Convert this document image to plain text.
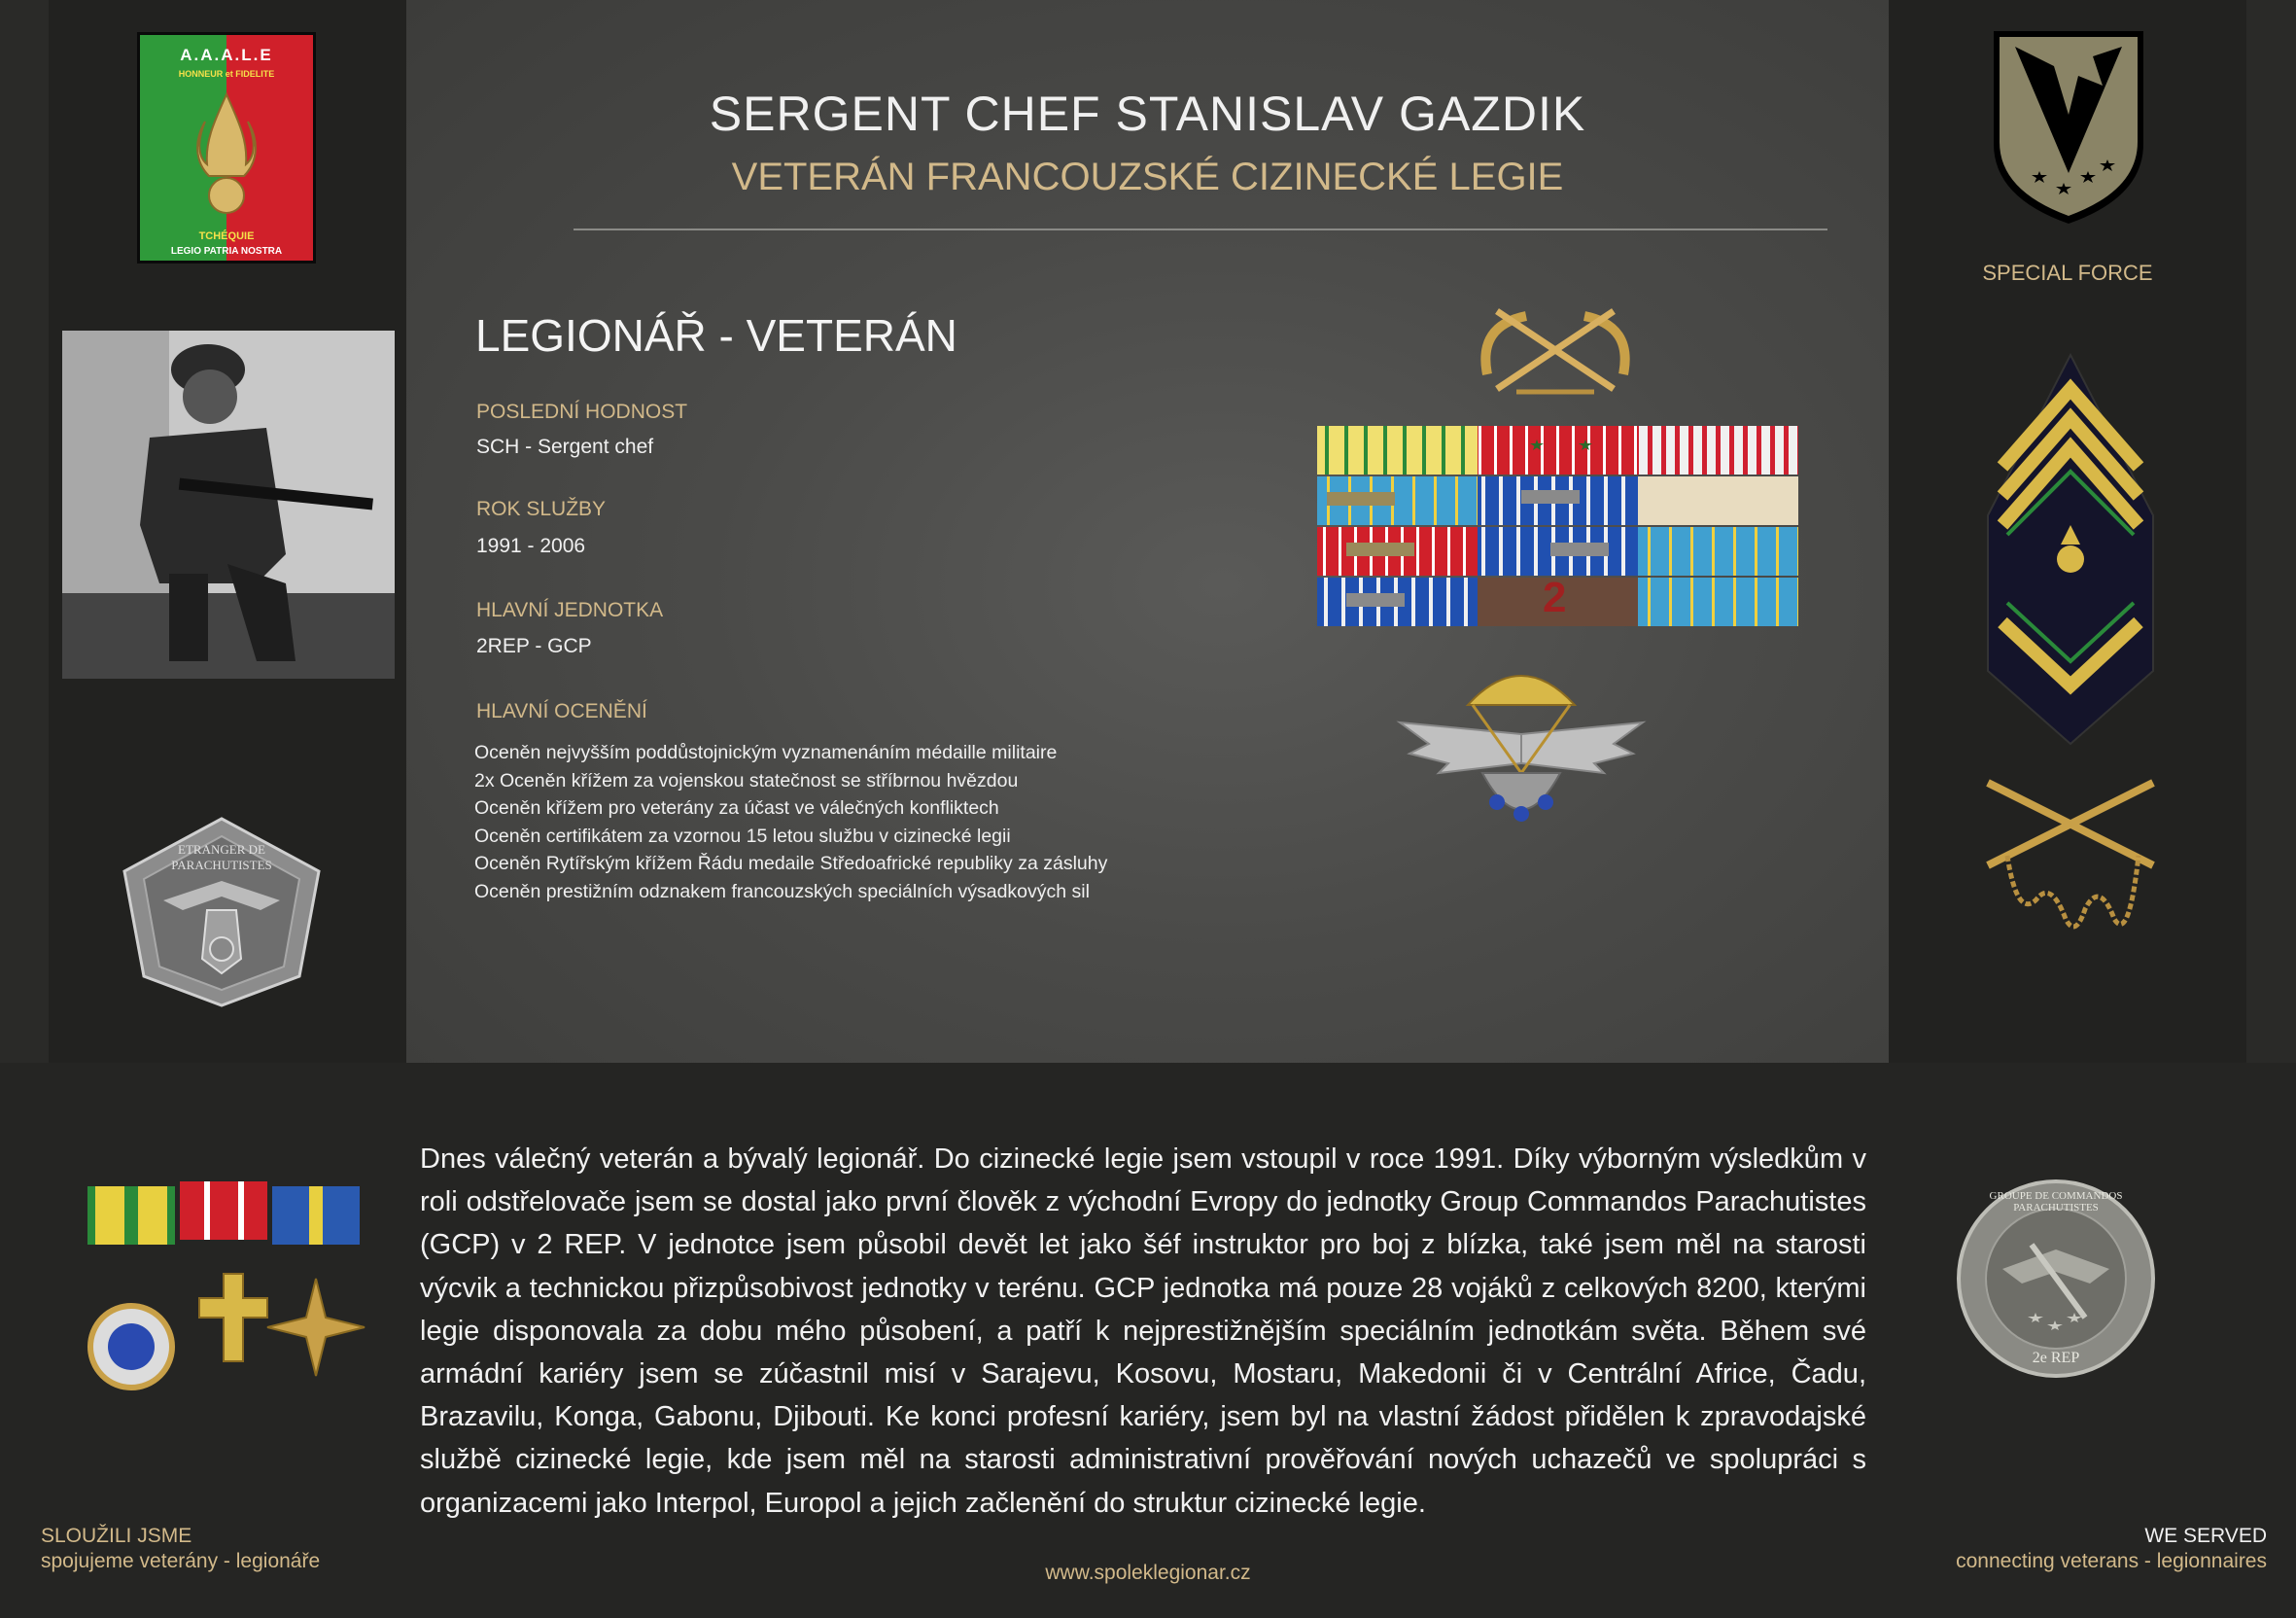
A.A.A.L.E
HONNEUR et FIDELITE
TCHÉQUIE
LEGIO PATRIA NOSTRA
ETRANGER DE PARACHUTISTES
SERGENT CHEF STANISLAV GAZDIK
VETERÁN FRANCOUZSKÉ CIZINECKÉ LEGIE
LEGIONÁŘ - VETERÁN
POSLEDNÍ HODNOST
SCH - Sergent chef
ROK SLUŽBY
1991 - 2006
HLAVNÍ JEDNOTKA
2REP - GCP
HLAVNÍ OCENĚNÍ
Oceněn nejvyšším poddůstojnickým vyznamenáním médaille militaire
2x Oceněn křížem za vojenskou statečnost se stříbrnou hvězdou
Oceněn křížem pro veterány za účast ve válečných konfliktech
Oceněn certifikátem za vzornou 15 letou službu v cizinecké legii
Oceněn Rytířským křížem Řádu medaile Středoafrické republiky za zásluhy
Oceněn prestižním odznakem francouzských speciálních výsadkových sil
2
SPECIAL FORCE
Dnes válečný veterán a bývalý legionář. Do cizinecké legie jsem vstoupil v roce 1991. Díky výborným výsledkům v roli odstřelovače jsem se dostal jako první člověk z východní Evropy do jednotky Group Commandos Parachutistes (GCP) v 2 REP. V jednotce jsem působil devět let jako šéf instruktor pro boj z blízka, také jsem měl na starosti výcvik a technickou přizpůsobivost jednotky v terénu. GCP jednotka má pouze 28 vojáků z celkových 8200, kterými legie disponovala za dobu mého působení, a patří k nejprestižnějším speciálním jednotkám světa. Během své armádní kariéry jsem se zúčastnil misí v Sarajevu, Kosovu, Mostaru, Makedonii či v Centrální Africe, Čadu, Brazavilu, Konga, Gabonu, Djibouti. Ke konci profesní kariéry, jsem byl na vlastní žádost přidělen k zpravodajské službě cizinecké legie, kde jsem měl na starosti administrativní prověřování nových uchazečů ve spolupráci s organizacemi jako Interpol, Europol a jejich začlenění do struktur cizinecké legie.
GROUPE DE COMMANDOS PARACHUTISTES
2e REP
SLOUŽILI JSME
spojujeme veterány - legionáře
www.spoleklegionar.cz
WE SERVED
connecting veterans - legionnaires
